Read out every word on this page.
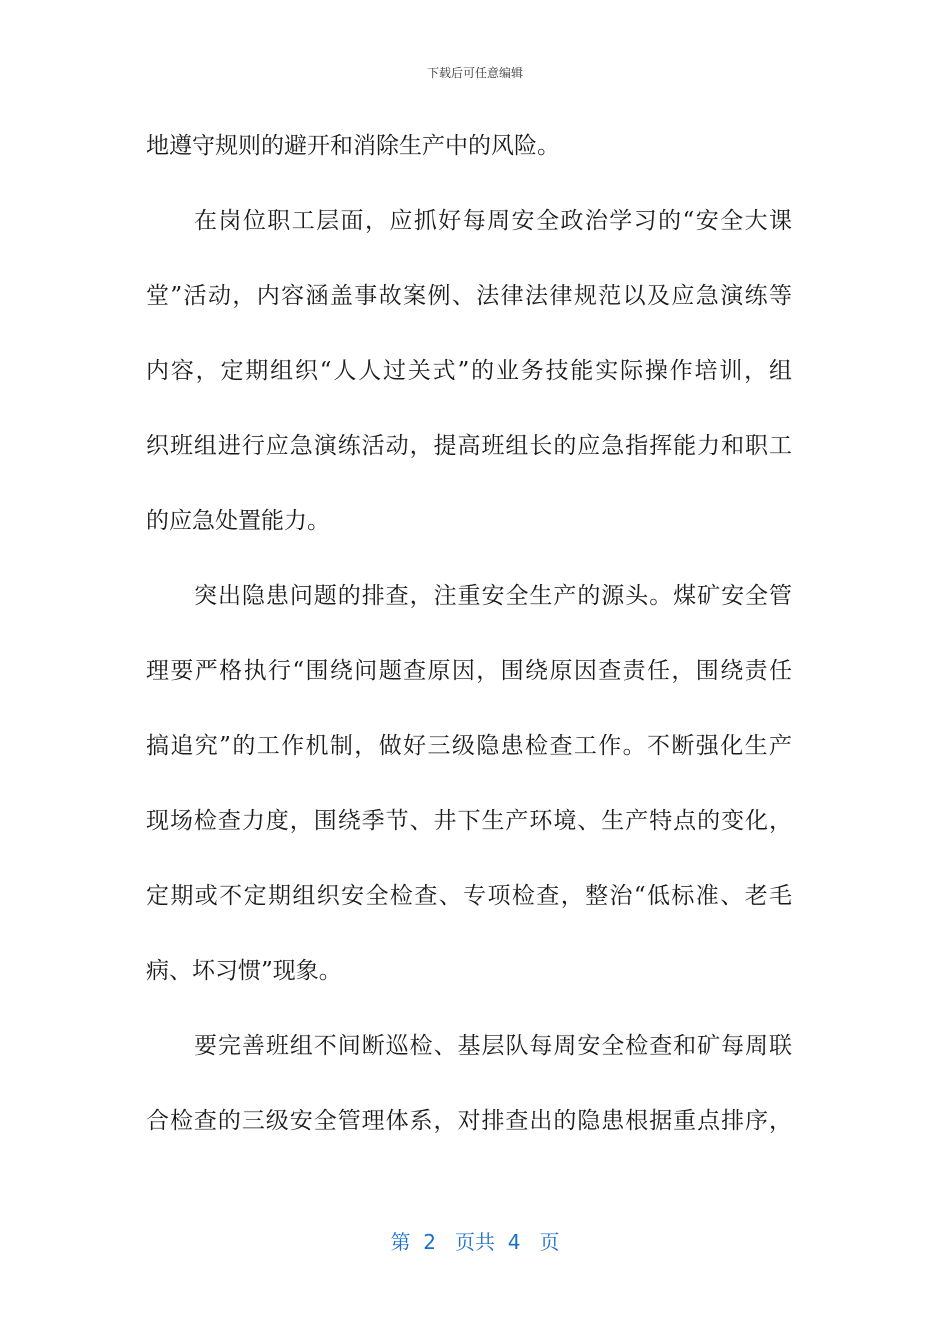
下载后可任意编辑
地遵守规则的避开和消除生产中的风险。
在岗位职工层面，应抓好每周安全政治学习的“安全大课
堂”活动，内容涵盖事故案例、法律法律规范以及应急演练等
内容，定期组织“人人过关式”的业务技能实际操作培训，组
织班组进行应急演练活动，提高班组长的应急指挥能力和职工
的应急处置能力。
突出隐患问题的排查，注重安全生产的源头。煤矿安全管
理要严格执行“围绕问题查原因，围绕原因查责任，围绕责任
搞追究”的工作机制，做好三级隐患检查工作。不断强化生产
现场检查力度，围绕季节、井下生产环境、生产特点的变化，
定期或不定期组织安全检查、专项检查，整治“低标准、老毛
病、坏习惯”现象。
要完善班组不间断巡检、基层队每周安全检查和矿每周联
合检查的三级安全管理体系，对排查出的隐患根据重点排序，
第  2   页共  4   页
